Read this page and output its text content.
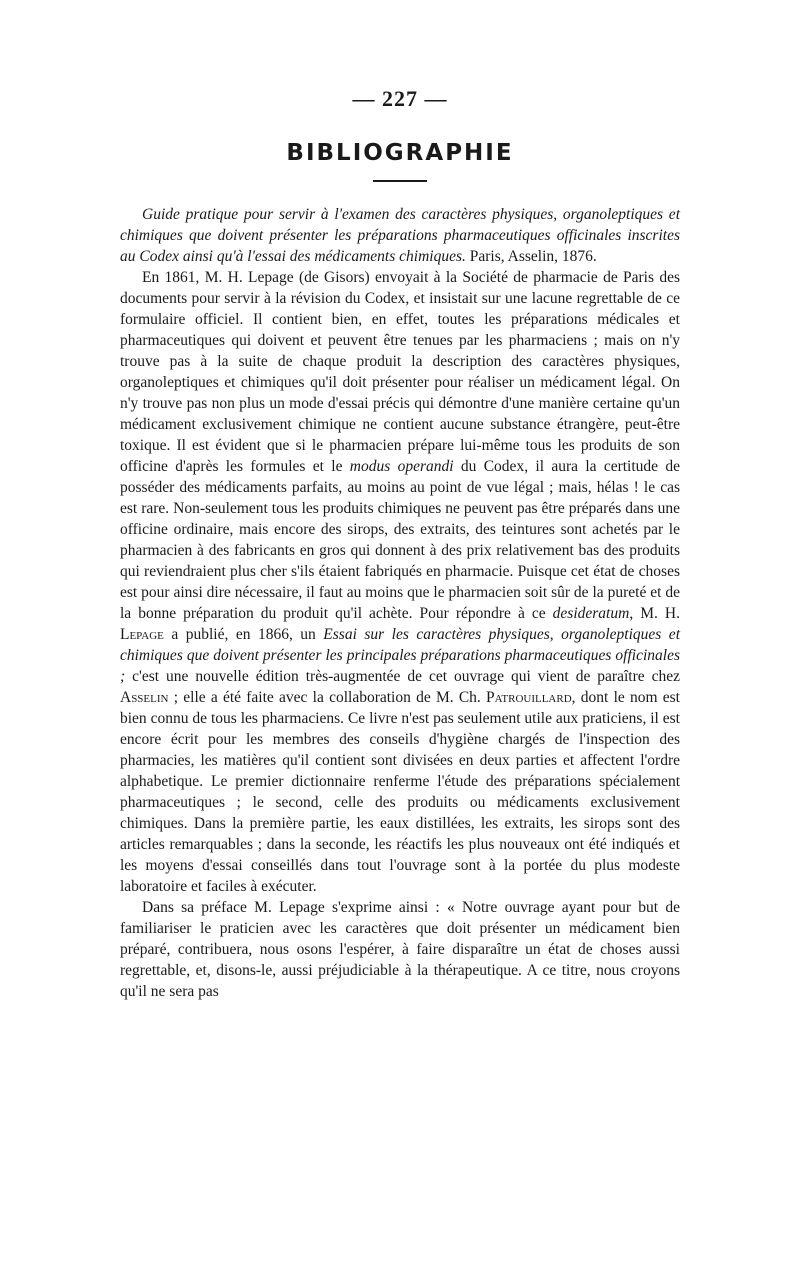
— 227 —
BIBLIOGRAPHIE

Guide pratique pour servir à l'examen des caractères physiques, organoleptiques et chimiques que doivent présenter les préparations pharmaceutiques officinales inscrites au Codex ainsi qu'à l'essai des médicaments chimiques. Paris, Asselin, 1876.

En 1861, M. H. Lepage (de Gisors) envoyait à la Société de pharmacie de Paris des documents pour servir à la révision du Codex, et insistait sur une lacune regrettable de ce formulaire officiel. Il contient bien, en effet, toutes les préparations médicales et pharmaceutiques qui doivent et peuvent être tenues par les pharmaciens ; mais on n'y trouve pas à la suite de chaque produit la description des caractères physiques, organoleptiques et chimiques qu'il doit présenter pour réaliser un médicament légal. On n'y trouve pas non plus un mode d'essai précis qui démontre d'une manière certaine qu'un médicament exclusivement chimique ne contient aucune substance étrangère, peut-être toxique. Il est évident que si le pharmacien prépare lui-même tous les produits de son officine d'après les formules et le modus operandi du Codex, il aura la certitude de posséder des médicaments parfaits, au moins au point de vue légal ; mais, hélas ! le cas est rare. Non-seulement tous les produits chimiques ne peuvent pas être préparés dans une officine ordinaire, mais encore des sirops, des extraits, des teintures sont achetés par le pharmacien à des fabricants en gros qui donnent à des prix relativement bas des produits qui reviendraient plus cher s'ils étaient fabriqués en pharmacie. Puisque cet état de choses est pour ainsi dire nécessaire, il faut au moins que le pharmacien soit sûr de la pureté et de la bonne préparation du produit qu'il achète. Pour répondre à ce desideratum, M. H. Lepage a publié, en 1866, un Essai sur les caractères physiques, organoleptiques et chimiques que doivent présenter les principales préparations pharmaceutiques officinales ; c'est une nouvelle édition très-augmentée de cet ouvrage qui vient de paraître chez Asselin ; elle a été faite avec la collaboration de M. Ch. Patrouillard, dont le nom est bien connu de tous les pharmaciens. Ce livre n'est pas seulement utile aux praticiens, il est encore écrit pour les membres des conseils d'hygiène chargés de l'inspection des pharmacies, les matières qu'il contient sont divisées en deux parties et affectent l'ordre alphabetique. Le premier dictionnaire renferme l'étude des préparations spécialement pharmaceutiques ; le second, celle des produits ou médicaments exclusivement chimiques. Dans la première partie, les eaux distillées, les extraits, les sirops sont des articles remarquables ; dans la seconde, les réactifs les plus nouveaux ont été indiqués et les moyens d'essai conseillés dans tout l'ouvrage sont à la portée du plus modeste laboratoire et faciles à exécuter.

Dans sa préface M. Lepage s'exprime ainsi : « Notre ouvrage ayant pour but de familiariser le praticien avec les caractères que doit présenter un médicament bien préparé, contribuera, nous osons l'espérer, à faire disparaître un état de choses aussi regrettable, et, disons-le, aussi préjudiciable à la thérapeutique. A ce titre, nous croyons qu'il ne sera pas
